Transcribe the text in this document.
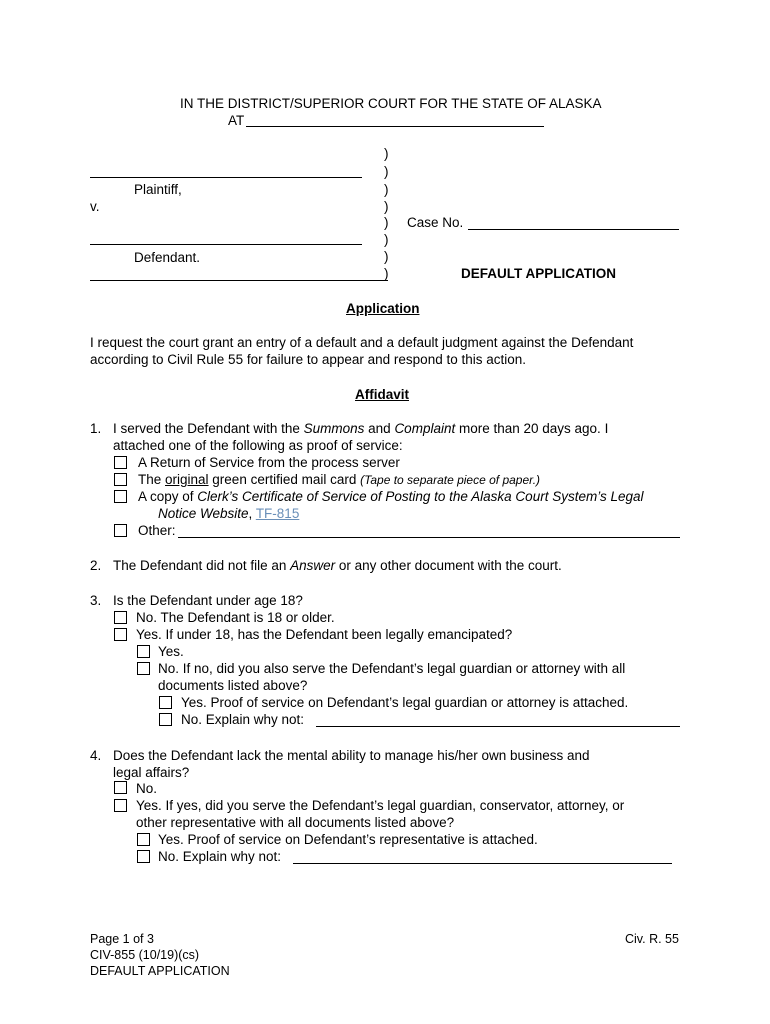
IN THE DISTRICT/SUPERIOR COURT FOR THE STATE OF ALASKA
AT
)
)
)
)
)
)
)
)
Plaintiff,
v.
Defendant.
Case No.
DEFAULT APPLICATION
Application
I request the court grant an entry of a default and a default judgment against the Defendant
according to Civil Rule 55 for failure to appear and respond to this action.
Affidavit
1. I served the Defendant with the Summons and Complaint more than 20 days ago. I
attached one of the following as proof of service:
A Return of Service from the process server
The original green certified mail card (Tape to separate piece of paper.)
A copy of Clerk’s Certificate of Service of Posting to the Alaska Court System’s Legal
Notice Website, TF-815
Other:
2. The Defendant did not file an Answer or any other document with the court.
3. Is the Defendant under age 18?
No. The Defendant is 18 or older.
Yes. If under 18, has the Defendant been legally emancipated?
Yes.
No. If no, did you also serve the Defendant’s legal guardian or attorney with all
documents listed above?
Yes. Proof of service on Defendant’s legal guardian or attorney is attached.
No. Explain why not:
4. Does the Defendant lack the mental ability to manage his/her own business and
legal affairs?
No.
Yes. If yes, did you serve the Defendant’s legal guardian, conservator, attorney, or
other representative with all documents listed above?
Yes. Proof of service on Defendant’s representative is attached.
No. Explain why not:
Page 1 of 3
CIV-855 (10/19)(cs)
DEFAULT APPLICATION
Civ. R. 55
